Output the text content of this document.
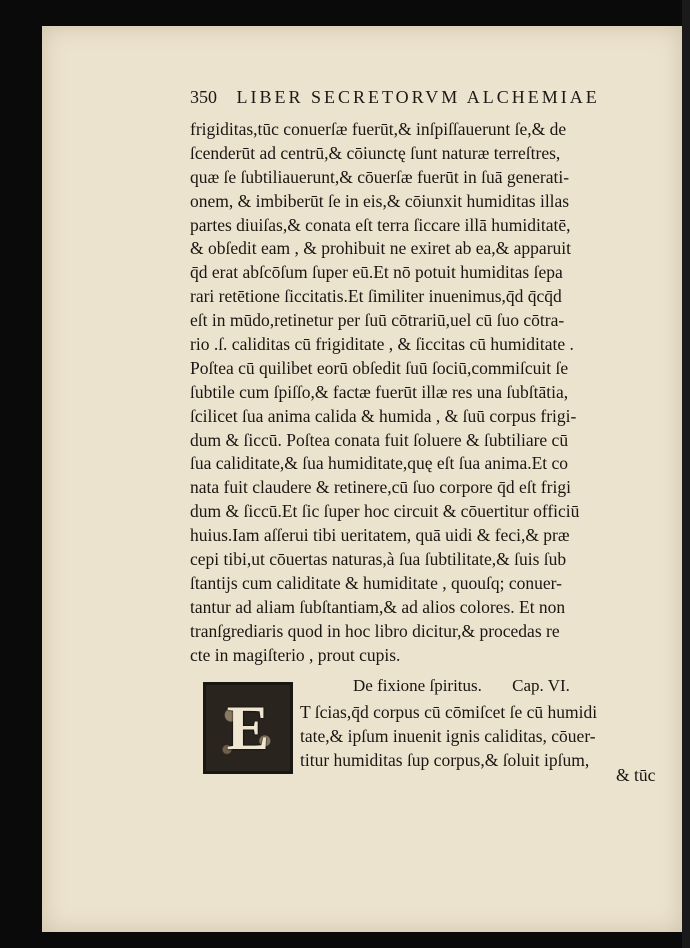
350 LIBER SECRETORVM ALCHEMIAE
frigiditas,tūc conuerſæ fuerūt,& inſpiſſauerunt ſe,& de
ſcenderūt ad centrū,& cōiunctę ſunt naturæ terreſtres,
quæ ſe ſubtiliauerunt,& cōuerſæ fuerūt in ſuā generati-
onem, & imbiberūt ſe in eis,& cōiunxit humiditas illas
partes diuiſas,& conata eſt terra ſiccare illā humiditatē,
& obſedit eam , & prohibuit ne exiret ab ea,& apparuit
q̄d erat abſcōſum ſuper eū.Et nō potuit humiditas ſepa
rari retētione ſiccitatis.Et ſimiliter inuenimus,q̄d q̄cq̄d
eſt in mūdo,retinetur per ſuū cōtrariū,uel cū ſuo cōtra-
rio .ſ. caliditas cū frigiditate , & ſiccitas cū humiditate .
Poſtea cū quilibet eorū obſedit ſuū ſociū,commiſcuit ſe
ſubtile cum ſpiſſo,& factæ fuerūt illæ res una ſubſtātia,
ſcilicet ſua anima calida & humida , & ſuū corpus frigi-
dum & ſiccū. Poſtea conata fuit ſoluere & ſubtiliare cū
ſua caliditate,& ſua humiditate,quę eſt ſua anima.Et co
nata fuit claudere & retinere,cū ſuo corpore q̄d eſt frigi
dum & ſiccū.Et ſic ſuper hoc circuit & cōuertitur officiū
huius.Iam aſſerui tibi ueritatem, quā uidi & feci,& præ
cepi tibi,ut cōuertas naturas,à ſua ſubtilitate,& ſuis ſub
ſtantijs cum caliditate & humiditate , quouſq; conuer-
tantur ad aliam ſubſtantiam,& ad alios colores. Et non
tranſgrediaris quod in hoc libro dicitur,& procedas re
cte in magiſterio , prout cupis.
De fixione ſpiritus. Cap. VI.
E T ſcias,q̄d corpus cū cōmiſcet ſe cū humidi
tate,& ipſum inuenit ignis caliditas, cōuer-
titur humiditas ſup corpus,& ſoluit ipſum,
& tūc
